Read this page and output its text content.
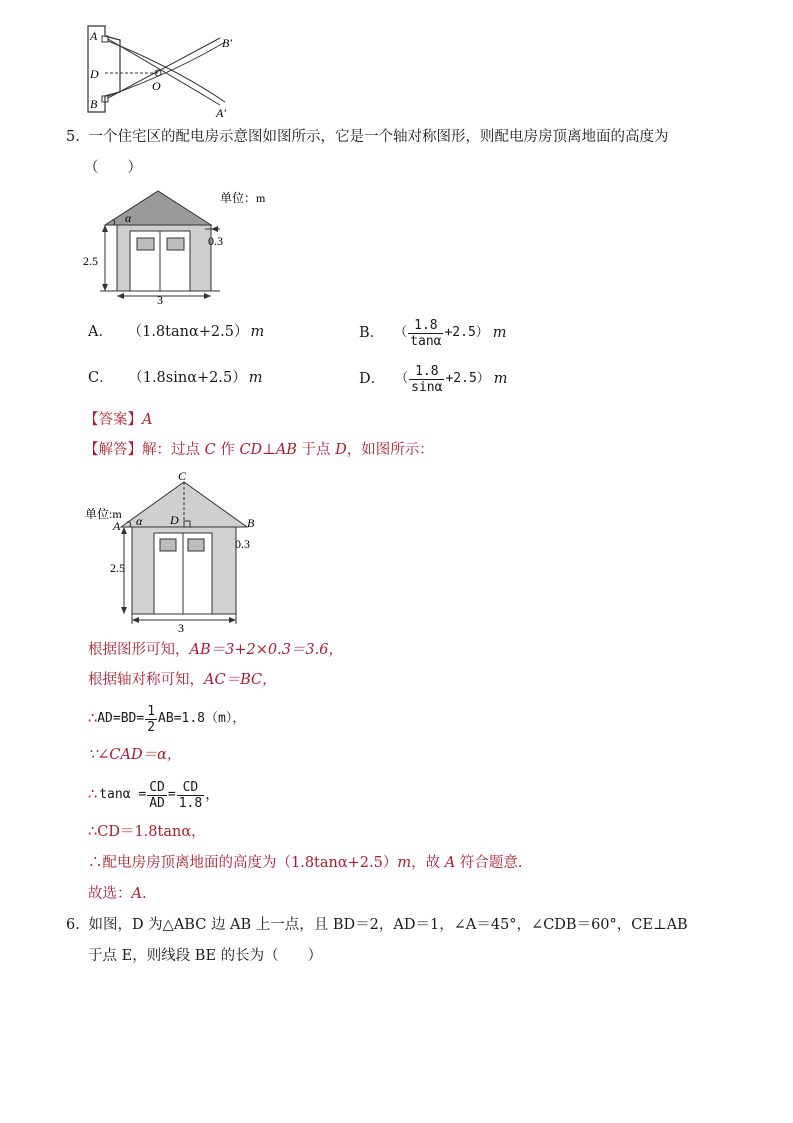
A
D
B
O
B′
A′
5. 一个住宅区的配电房示意图如图所示，它是一个轴对称图形，则配电房房顶离地面的高度为
（　　）
α
单位：m
2.5
3
0.3
A． （1.8tanα+2.5） m	B． （ $\frac{1.8}{\tan\alpha} +2.5$） m
C． （1.8sinα+2.5） m	D． （ $\frac{1.8}{\sin\alpha} +2.5$） m
【答案】A
【解答】解：过点 C 作 CD⊥AB 于点 D，如图所示：
C
D
A	B
α
单位:m
0.3
2.5
3
根据图形可知，AB＝3+2×0.3＝3.6，
根据轴对称可知，AC＝BC，
∴ $AD=BD= \frac{1}{2} AB=1.8(m)$，
∵∠CAD＝α，
∴ $\tan\alpha = \frac{CD}{AD} = \frac{CD}{1.8}$ ，
∴CD＝1.8tanα，
∴配电房房顶离地面的高度为（1.8tanα+2.5）m，故 A 符合题意.
故选：A.
6. 如图，D 为△ABC 边 AB 上一点，且 BD＝2，AD＝1，∠A＝45°，∠CDB＝60°，CE⊥AB
于点 E，则线段 BE 的长为（　　）
